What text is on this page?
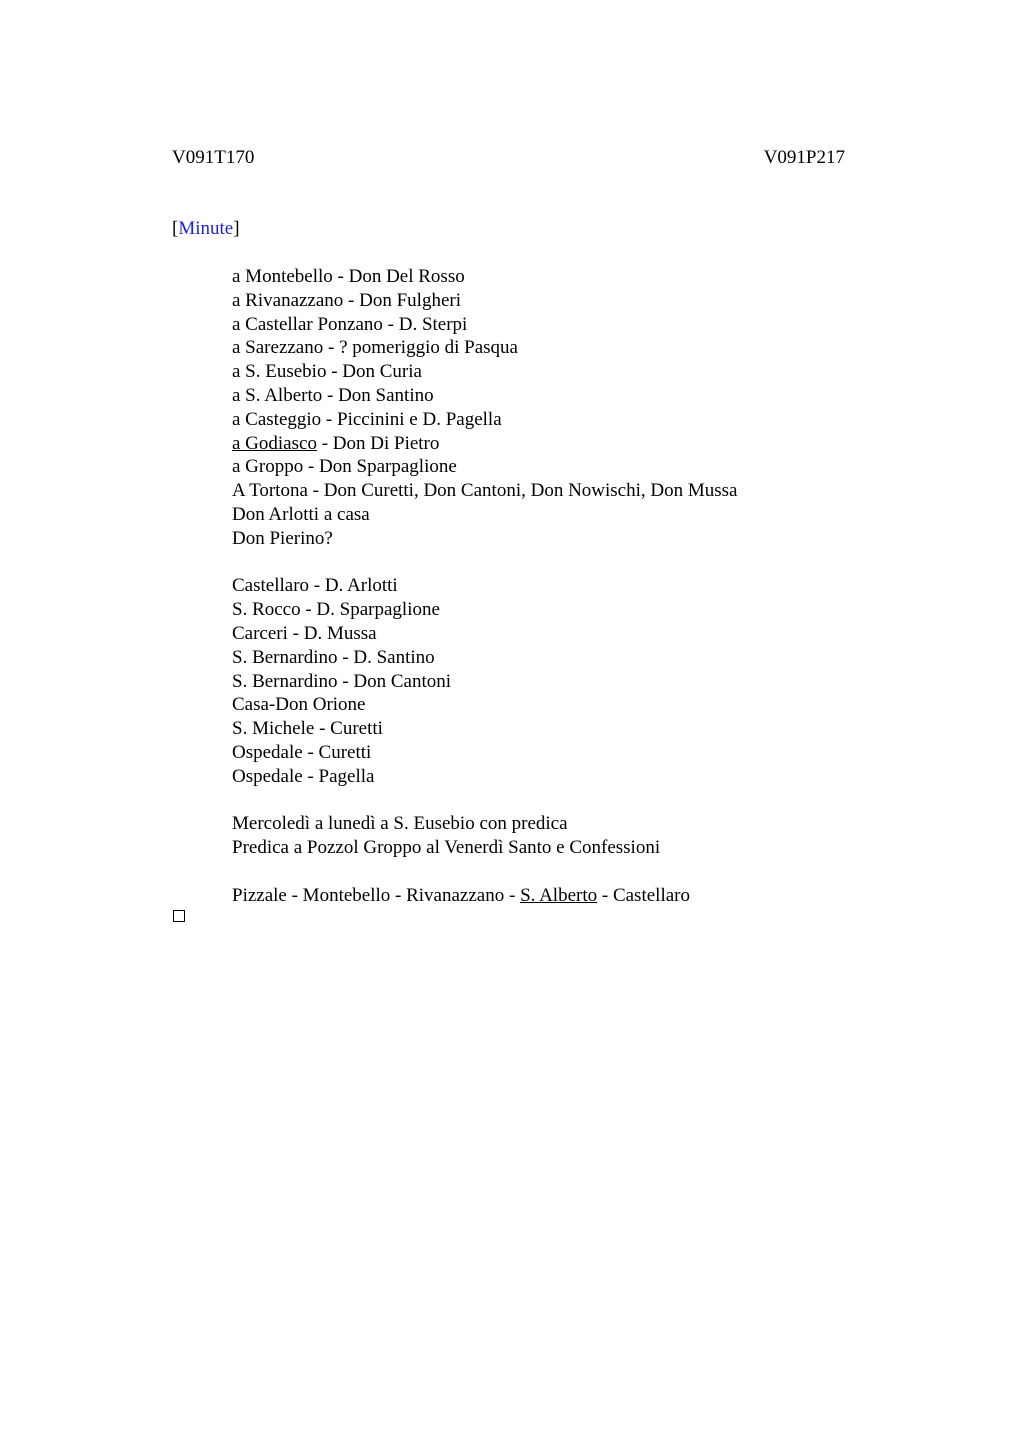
V091T170	V091P217
[Minute]
a Montebello - Don Del Rosso
a Rivanazzano - Don Fulgheri
a Castellar Ponzano - D. Sterpi
a Sarezzano - ? pomeriggio di Pasqua
a S. Eusebio - Don Curia
a S. Alberto - Don Santino
a Casteggio - Piccinini e D. Pagella
a Godiasco - Don Di Pietro
a Groppo - Don Sparpaglione
A Tortona - Don Curetti, Don Cantoni, Don Nowischi, Don Mussa
Don Arlotti a casa
Don Pierino?
Castellaro - D. Arlotti
S. Rocco - D. Sparpaglione
Carceri - D. Mussa
S. Bernardino - D. Santino
S. Bernardino - Don Cantoni
Casa-Don Orione
S. Michele - Curetti
Ospedale - Curetti
Ospedale - Pagella
Mercoledì a lunedì a S. Eusebio con predica
Predica a Pozzol Groppo al Venerdì Santo e Confessioni
Pizzale - Montebello - Rivanazzano - S. Alberto - Castellaro
